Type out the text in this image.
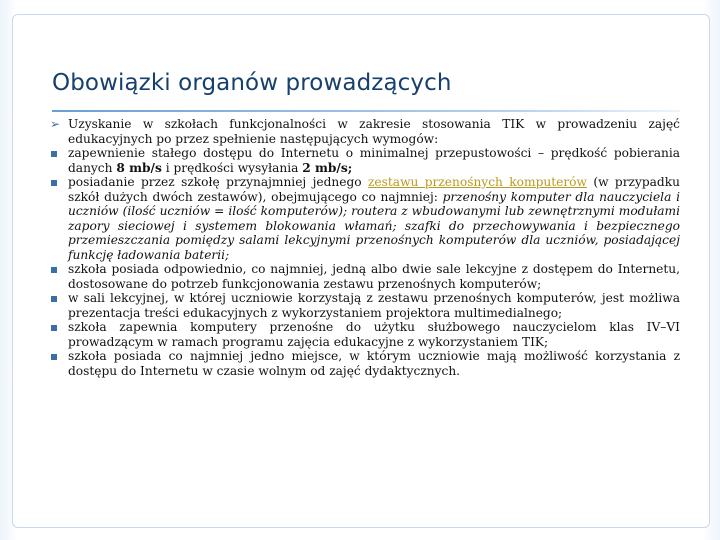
Obowiązki organów prowadzących
➢ Uzyskanie w szkołach funkcjonalności w zakresie stosowania TIK w prowadzeniu zajęć edukacyjnych po przez spełnienie następujących wymogów:
zapewnienie stałego dostępu do Internetu o minimalnej przepustowości – prędkość pobierania danych 8 mb/s i prędkości wysyłania 2 mb/s;
posiadanie przez szkołę przynajmniej jednego zestawu przenośnych komputerów (w przypadku szkół dużych dwóch zestawów), obejmującego co najmniej: przenośny komputer dla nauczyciela i uczniów (ilość uczniów = ilość komputerów); routera z wbudowanymi lub zewnętrznymi modułami zapory sieciowej i systemem blokowania włamań; szafki do przechowywania i bezpiecznego przemieszczania pomiędzy salami lekcyjnymi przenośnych komputerów dla uczniów, posiadającej funkcję ładowania baterii;
szkoła posiada odpowiednio, co najmniej, jedną albo dwie sale lekcyjne z dostępem do Internetu, dostosowane do potrzeb funkcjonowania zestawu przenośnych komputerów;
w sali lekcyjnej, w której uczniowie korzystają z zestawu przenośnych komputerów, jest możliwa prezentacja treści edukacyjnych z wykorzystaniem projektora multimedialnego;
szkoła zapewnia komputery przenośne do użytku służbowego nauczycielom klas IV–VI prowadzącym w ramach programu zajęcia edukacyjne z wykorzystaniem TIK;
szkoła posiada co najmniej jedno miejsce, w którym uczniowie mają możliwość korzystania z dostępu do Internetu w czasie wolnym od zajęć dydaktycznych.
